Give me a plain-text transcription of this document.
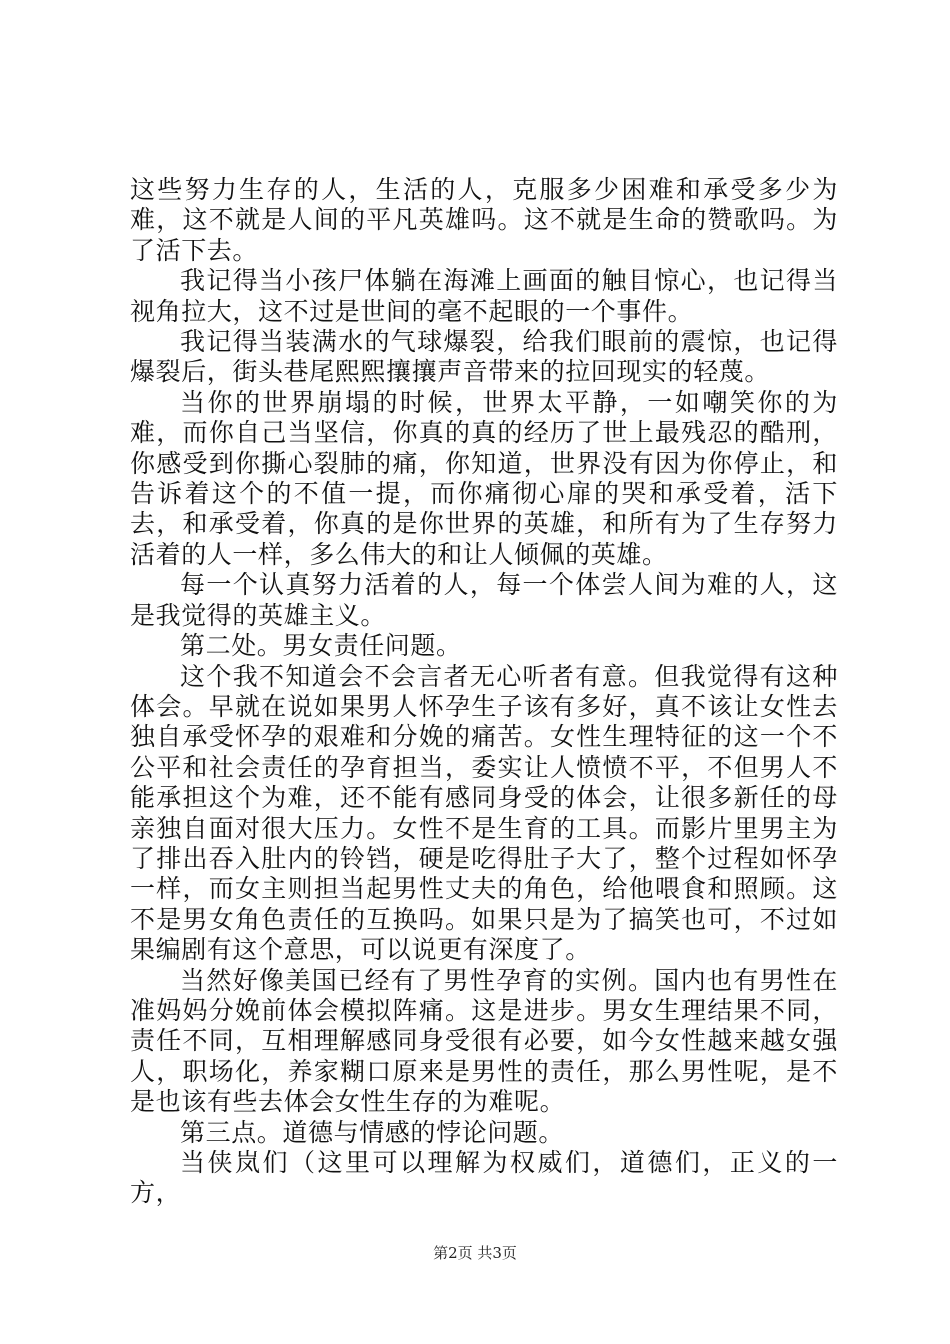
这些努力生存的人，生活的人，克服多少困难和承受多少为难，这不就是人间的平凡英雄吗。这不就是生命的赞歌吗。为了活下去。

我记得当小孩尸体躺在海滩上画面的触目惊心，也记得当视角拉大，这不过是世间的毫不起眼的一个事件。

我记得当装满水的气球爆裂，给我们眼前的震惊，也记得爆裂后，街头巷尾熙熙攘攘声音带来的拉回现实的轻蔑。

当你的世界崩塌的时候，世界太平静，一如嘲笑你的为难，而你自己当坚信，你真的真的经历了世上最残忍的酷刑，你感受到你撕心裂肺的痛，你知道，世界没有因为你停止，和告诉着这个的不值一提，而你痛彻心扉的哭和承受着，活下去，和承受着，你真的是你世界的英雄，和所有为了生存努力活着的人一样，多么伟大的和让人倾佩的英雄。

每一个认真努力活着的人，每一个体尝人间为难的人，这是我觉得的英雄主义。

第二处。男女责任问题。

这个我不知道会不会言者无心听者有意。但我觉得有这种体会。早就在说如果男人怀孕生子该有多好，真不该让女性去独自承受怀孕的艰难和分娩的痛苦。女性生理特征的这一个不公平和社会责任的孕育担当，委实让人愤愤不平，不但男人不能承担这个为难，还不能有感同身受的体会，让很多新任的母亲独自面对很大压力。女性不是生育的工具。而影片里男主为了排出吞入肚内的铃铛，硬是吃得肚子大了，整个过程如怀孕一样，而女主则担当起男性丈夫的角色，给他喂食和照顾。这不是男女角色责任的互换吗。如果只是为了搞笑也可，不过如果编剧有这个意思，可以说更有深度了。

当然好像美国已经有了男性孕育的实例。国内也有男性在准妈妈分娩前体会模拟阵痛。这是进步。男女生理结果不同，责任不同，互相理解感同身受很有必要，如今女性越来越女强人，职场化，养家糊口原来是男性的责任，那么男性呢，是不是也该有些去体会女性生存的为难呢。

第三点。道德与情感的悖论问题。

当侠岚们（这里可以理解为权威们，道德们，正义的一方，

第2页 共3页
